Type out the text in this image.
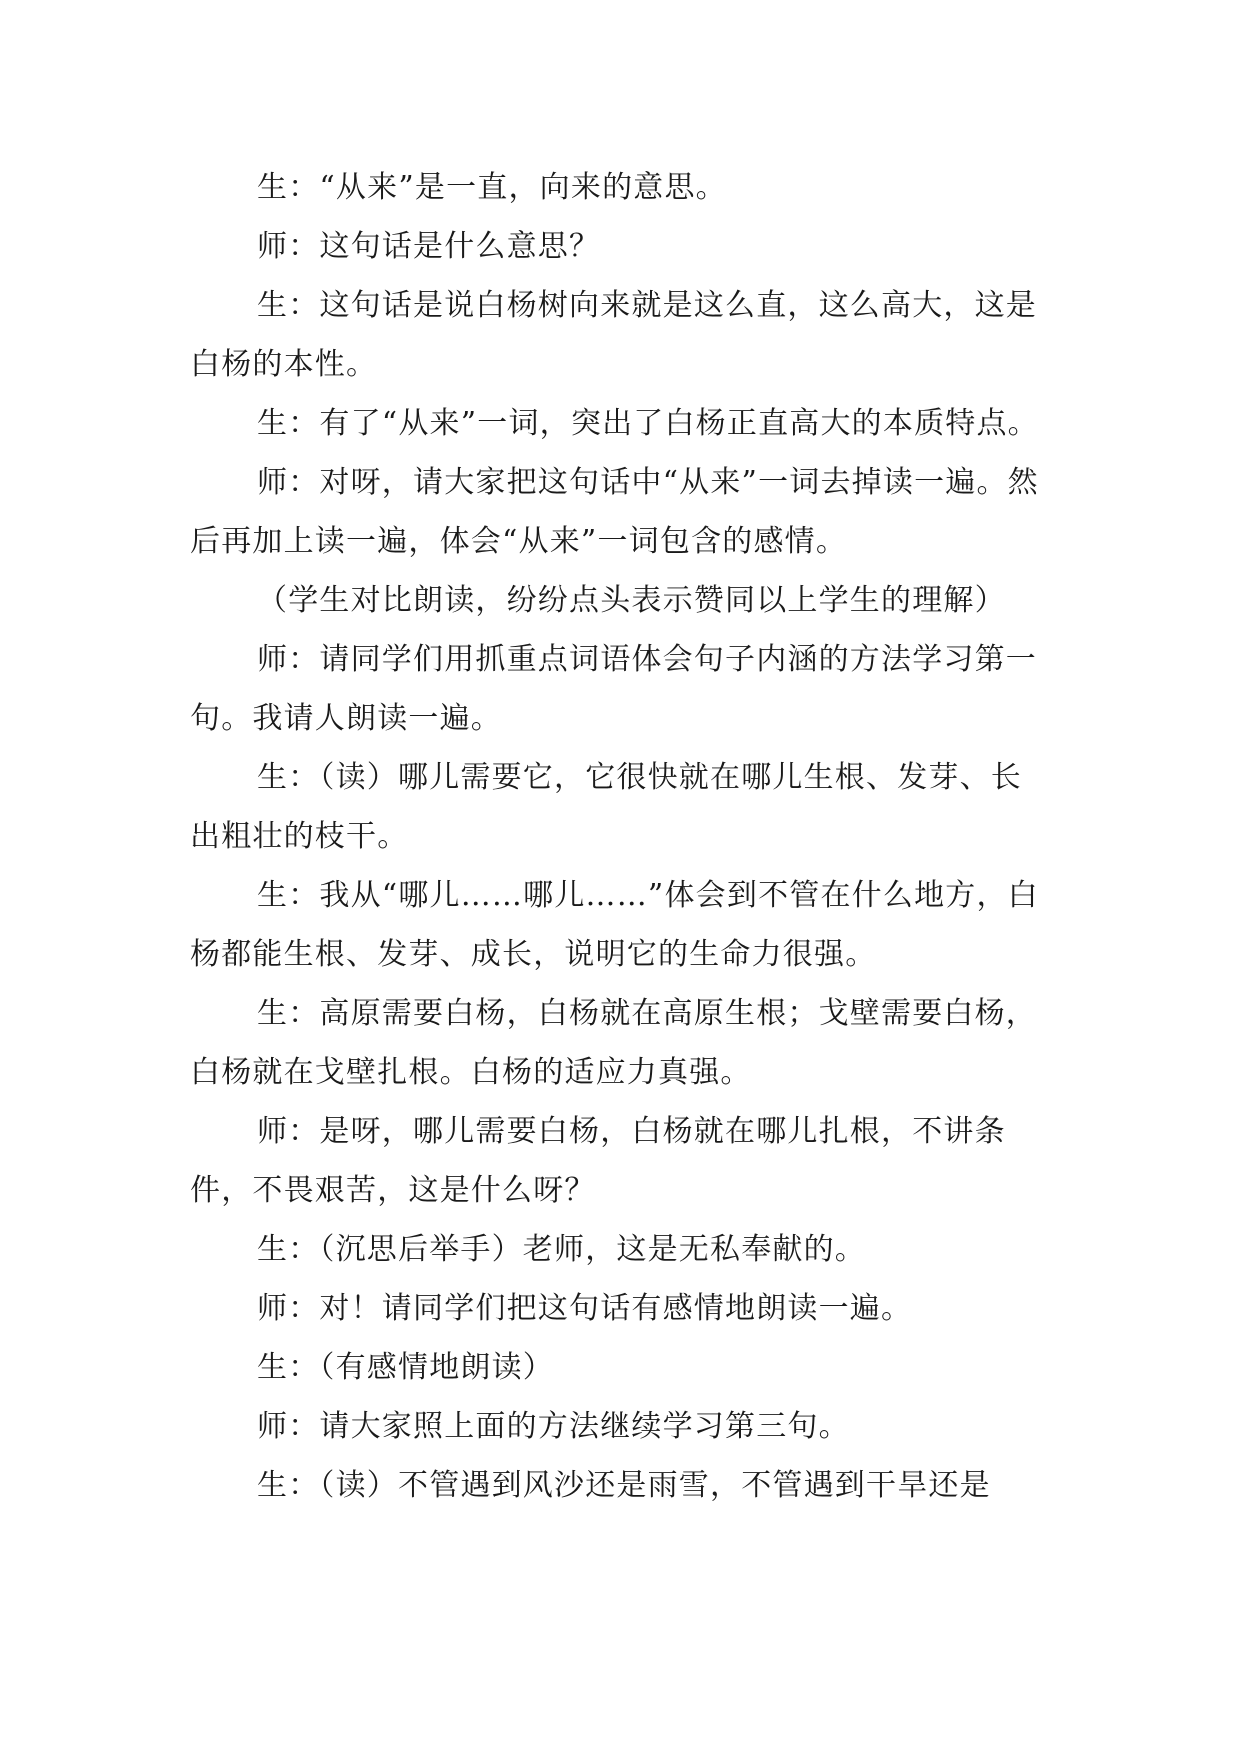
生：“从来”是一直，向来的意思。

师：这句话是什么意思？

生：这句话是说白杨树向来就是这么直，这么高大，这是白杨的本性。

生：有了“从来”一词，突出了白杨正直高大的本质特点。

师：对呀，请大家把这句话中“从来”一词去掉读一遍。然后再加上读一遍，体会“从来”一词包含的感情。

（学生对比朗读，纷纷点头表示赞同以上学生的理解）

师：请同学们用抓重点词语体会句子内涵的方法学习第一句。我请人朗读一遍。

生：（读）哪儿需要它，它很快就在哪儿生根、发芽、长出粗壮的枝干。

生：我从“哪儿……哪儿……”体会到不管在什么地方，白杨都能生根、发芽、成长，说明它的生命力很强。

生：高原需要白杨，白杨就在高原生根；戈壁需要白杨，白杨就在戈壁扎根。白杨的适应力真强。

师：是呀，哪儿需要白杨，白杨就在哪儿扎根，不讲条件，不畏艰苦，这是什么呀？

生：（沉思后举手）老师，这是无私奉献的。

师：对！请同学们把这句话有感情地朗读一遍。

生：（有感情地朗读）

师：请大家照上面的方法继续学习第三句。

生：（读）不管遇到风沙还是雨雪，不管遇到干旱还是
